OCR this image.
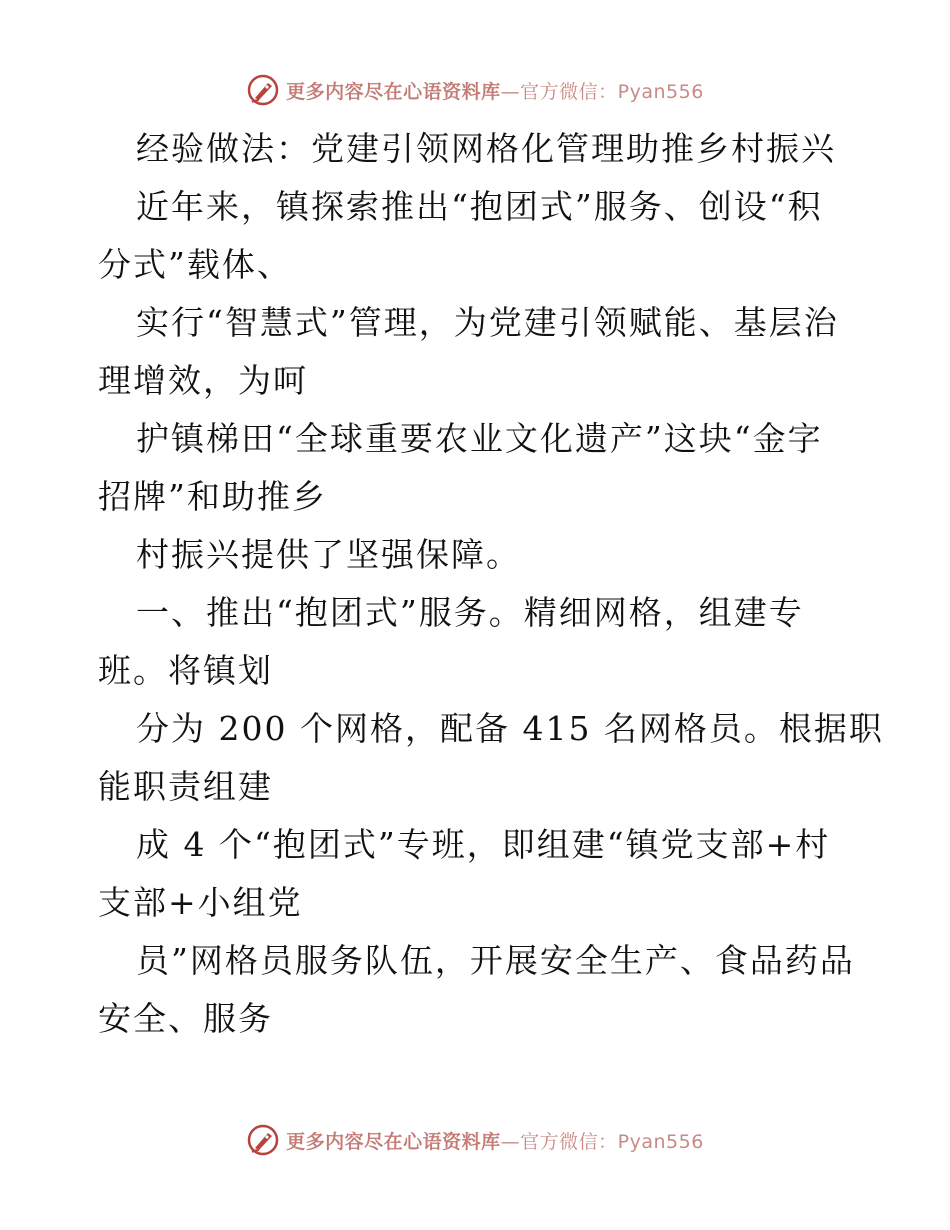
更多内容尽在心语资料库—官方微信：Pyan556
经验做法：党建引领网格化管理助推乡村振兴
近年来，镇探索推出“抱团式”服务、创设“积
分式”载体、
实行“智慧式”管理，为党建引领赋能、基层治
理增效，为呵
护镇梯田“全球重要农业文化遗产”这块“金字
招牌”和助推乡
村振兴提供了坚强保障。
一、推出“抱团式”服务。精细网格，组建专
班。将镇划
分为 200 个网格，配备 415 名网格员。根据职
能职责组建
成 4 个“抱团式”专班，即组建“镇党支部+村
支部+小组党
员”网格员服务队伍，开展安全生产、食品药品
安全、服务
更多内容尽在心语资料库—官方微信：Pyan556
